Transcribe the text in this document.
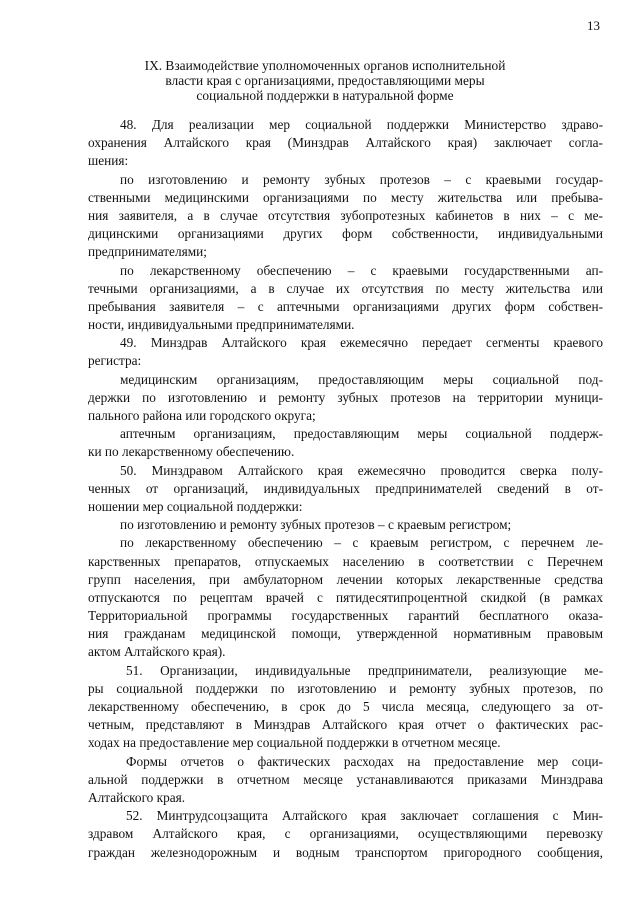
13
IX. Взаимодействие уполномоченных органов исполнительной
власти края с организациями, предоставляющими меры
социальной поддержки в натуральной форме
48. Для реализации мер социальной поддержки Министерство здраво-
охранения Алтайского края (Минздрав Алтайского края) заключает согла-
шения:
по изготовлению и ремонту зубных протезов – с краевыми государ-
ственными медицинскими организациями по месту жительства или пребыва-
ния заявителя, а в случае отсутствия зубопротезных кабинетов в них – с ме-
дицинскими организациями других форм собственности, индивидуальными
предпринимателями;
по лекарственному обеспечению – с краевыми государственными ап-
течными организациями, а в случае их отсутствия по месту жительства или
пребывания заявителя – с аптечными организациями других форм собствен-
ности, индивидуальными предпринимателями.
49. Минздрав Алтайского края ежемесячно передает сегменты краевого
регистра:
медицинским организациям, предоставляющим меры социальной под-
держки по изготовлению и ремонту зубных протезов на территории муници-
пального района или городского округа;
аптечным организациям, предоставляющим меры социальной поддерж-
ки по лекарственному обеспечению.
50. Минздравом Алтайского края ежемесячно проводится сверка полу-
ченных от организаций, индивидуальных предпринимателей сведений в от-
ношении мер социальной поддержки:
по изготовлению и ремонту зубных протезов – с краевым регистром;
по лекарственному обеспечению – с краевым регистром, с перечнем ле-
карственных препаратов, отпускаемых населению в соответствии с Перечнем
групп населения, при амбулаторном лечении которых лекарственные средства
отпускаются по рецептам врачей с пятидесятипроцентной скидкой (в рамках
Территориальной программы государственных гарантий бесплатного оказа-
ния гражданам медицинской помощи, утвержденной нормативным правовым
актом Алтайского края).
51. Организации, индивидуальные предприниматели, реализующие ме-
ры социальной поддержки по изготовлению и ремонту зубных протезов, по
лекарственному обеспечению, в срок до 5 числа месяца, следующего за от-
четным, представляют в Минздрав Алтайского края отчет о фактических рас-
ходах на предоставление мер социальной поддержки в отчетном месяце.
Формы отчетов о фактических расходах на предоставление мер соци-
альной поддержки в отчетном месяце устанавливаются приказами Минздрава
Алтайского края.
52. Минтрудсоцзащита Алтайского края заключает соглашения с Мин-
здравом Алтайского края, с организациями, осуществляющими перевозку
граждан железнодорожным и водным транспортом пригородного сообщения,
